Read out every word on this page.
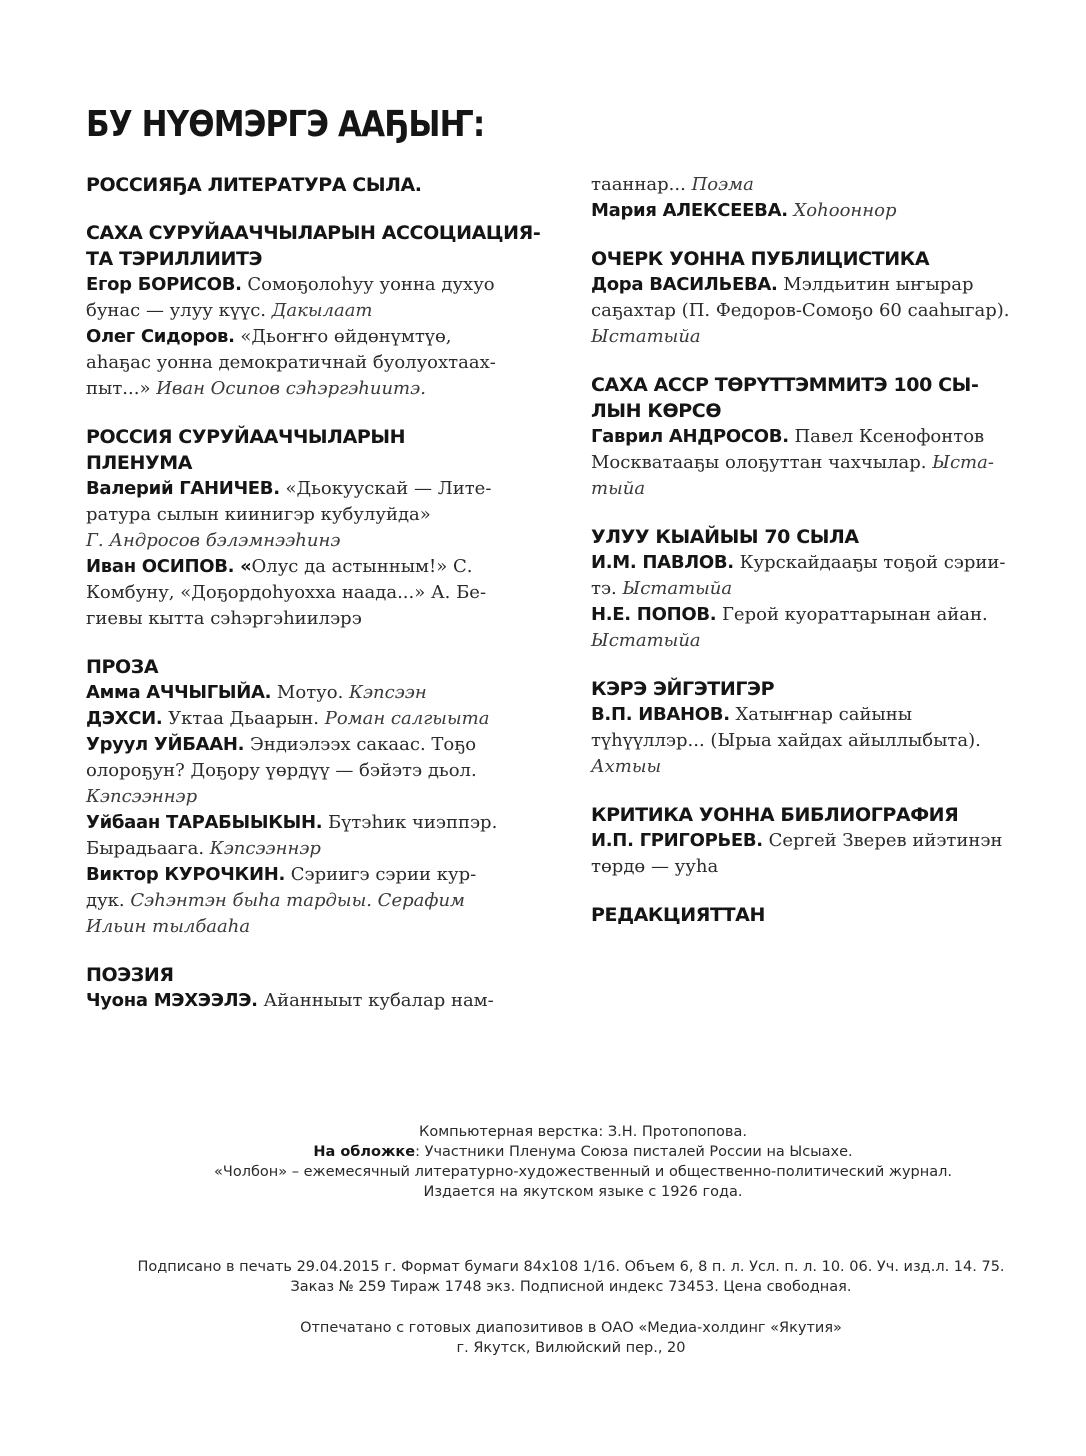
БУ НҮӨМЭРГЭ ААҔЫҤ:
РОССИЯҔА ЛИТЕРАТУРА СЫЛА.
САХА СУРУЙААЧЧЫЛАРЫН АССОЦИАЦИЯ-
ТА ТЭРИЛЛИИТЭ
Егор БОРИСОВ. Сомоҕолоһуу уонна духуо
бунас — улуу күүс. Дакылаат
Олег Сидоров. «Дьоҥҥо өйдөнүмтүө,
аһаҕас уонна демократичнай буолуохтаах-
пыт...» Иван Осипов сэһэргэһиитэ.
РОССИЯ СУРУЙААЧЧЫЛАРЫН
ПЛЕНУМА
Валерий ГАНИЧЕВ. «Дьокуускай — Лите-
ратура сылын киинигэр кубулуйда»
Г. Андросов бэлэмнээһинэ
Иван ОСИПОВ. «Олус да астынным!» С.
Комбуну, «Доҕордоһуохха наада...» А. Бе-
гиевы кытта сэһэргэһиилэрэ
ПРОЗА
Амма АЧЧЫГЫЙА. Мотуо. Кэпсээн
ДЭХСИ. Уктаа Дьаарын. Роман салгыыта
Уруул УЙБААН. Эндиэлээх сакаас. Тоҕо
олороҕун? Доҕору үөрдүү — бэйэтэ дьол.
Кэпсээннэр
Уйбаан ТАРАБЫЫКЫН. Бүтэһик чиэппэр.
Бырадьаага. Кэпсээннэр
Виктор КУРОЧКИН. Сэриигэ сэрии кур-
дук. Сэһэнтэн быһа тардыы. Серафим
Ильин тылбааһа
ПОЭЗИЯ
Чуона МЭХЭЭЛЭ. Айанныыт кубалар нам-
тааннар... Поэма
Мария АЛЕКСЕЕВА. Хоһооннор
ОЧЕРК УОННА ПУБЛИЦИСТИКА
Дора ВАСИЛЬЕВА. Мэлдьитин ыҥырар
саҕахтар (П. Федоров-Сомоҕо 60 сааһыгар).
Ыстатыйа
САХА АССР ТӨРҮТТЭММИТЭ 100 СЫ-
ЛЫН КӨРСӨ
Гаврил АНДРОСОВ. Павел Ксенофонтов
Москватааҕы олоҕуттан чахчылар. Ыста-
тыйа
УЛУУ КЫАЙЫЫ 70 СЫЛА
И.М. ПАВЛОВ. Курскайдааҕы тоҕой сэрии-
тэ. Ыстатыйа
Н.Е. ПОПОВ. Герой куораттарынан айан.
Ыстатыйа
КЭРЭ ЭЙГЭТИГЭР
В.П. ИВАНОВ. Хатыҥнар сайыны
түһүүллэр... (Ырыа хайдах айыллыбыта).
Ахтыы
КРИТИКА УОННА БИБЛИОГРАФИЯ
И.П. ГРИГОРЬЕВ. Сергей Зверев ийэтинэн
төрдө — ууһа
РЕДАКЦИЯТТАН
Компьютерная верстка: З.Н. Протопопова.
На обложке: Участники Пленума Союза писталей России на Ысыахе.
«Чолбон» – ежемесячный литературно-художественный и общественно-политический журнал.
Издается на якутском языке с 1926 года.
Подписано в печать 29.04.2015 г. Формат бумаги 84x108 1/16. Объем 6, 8 п. л. Усл. п. л. 10. 06. Уч. изд.л. 14. 75.
Заказ № 259 Тираж 1748 экз. Подписной индекс 73453. Цена свободная.
Отпечатано с готовых диапозитивов в ОАО «Медиа-холдинг «Якутия»
г. Якутск, Вилюйский пер., 20
